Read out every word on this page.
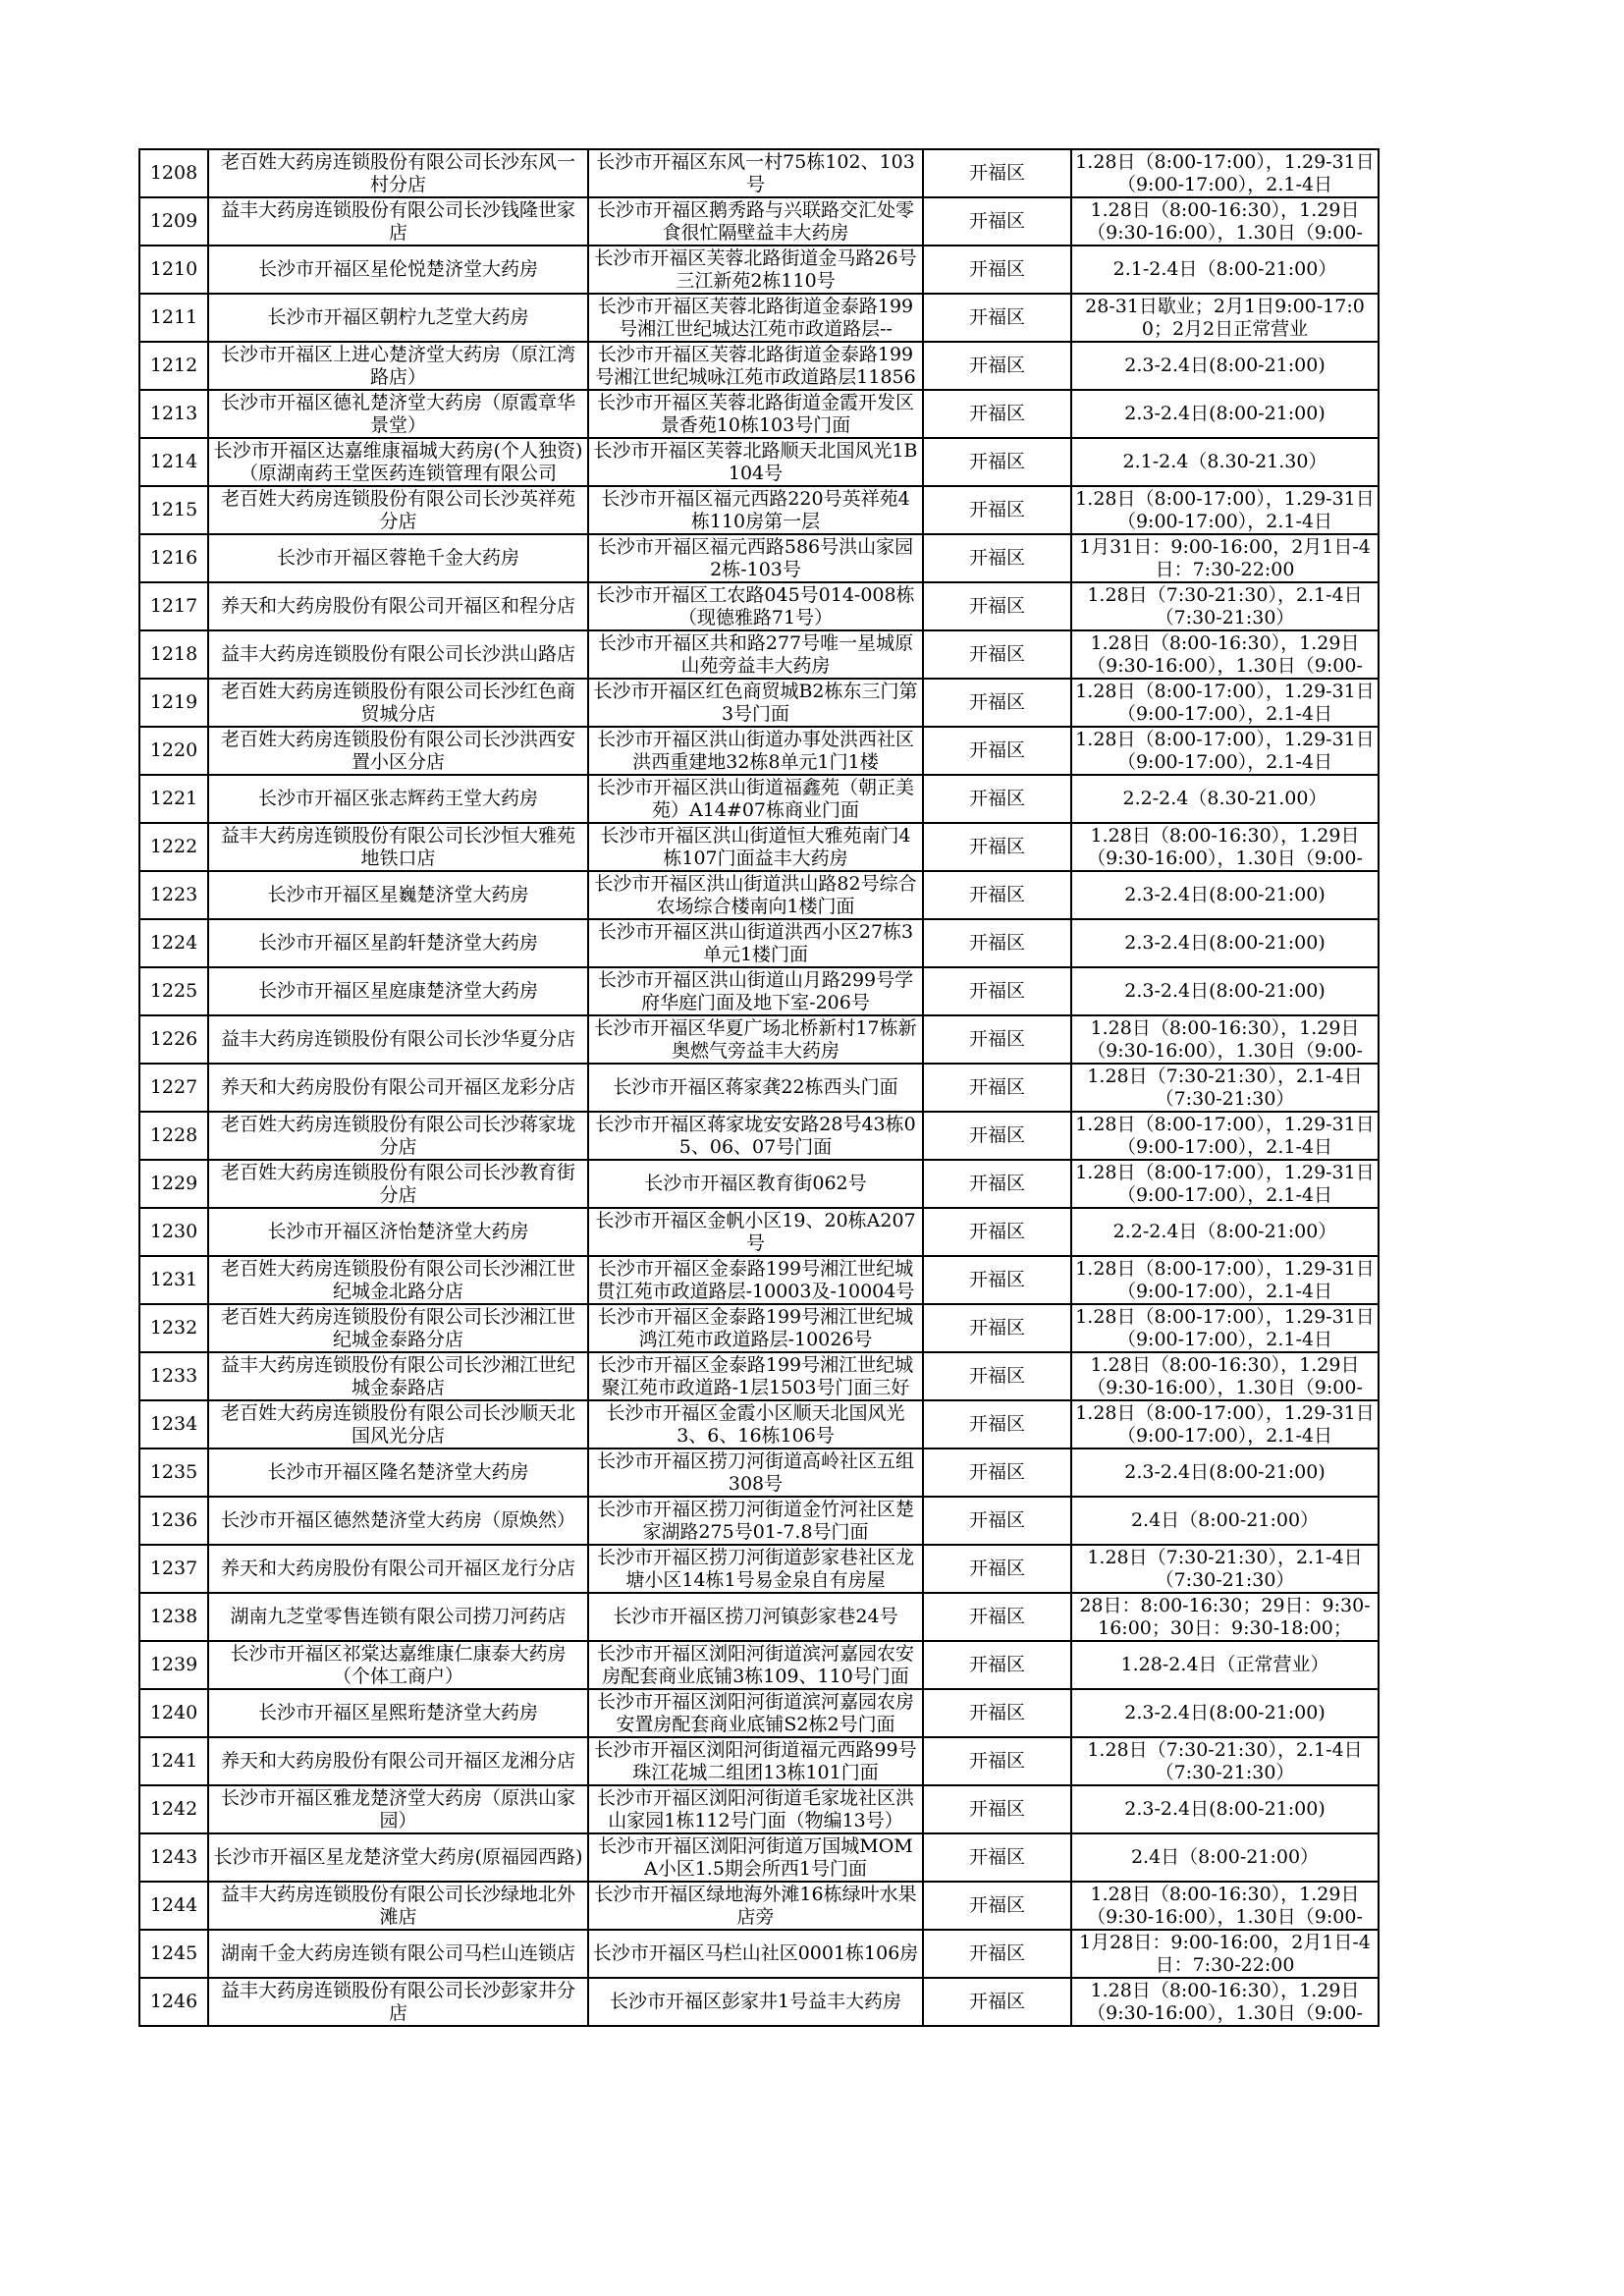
1208	老百姓大药房连锁股份有限公司长沙东风一村分店	长沙市开福区东风一村75栋102、103号	开福区	1.28日（8:00-17:00），1.29-31日（9:00-17:00），2.1-4日

1209	益丰大药房连锁股份有限公司长沙钱隆世家店	长沙市开福区鹅秀路与兴联路交汇处零食很忙隔壁益丰大药房	开福区	1.28日（8:00-16:30），1.29日（9:30-16:00），1.30日（9:00-

1210	长沙市开福区星伦悦楚济堂大药房	长沙市开福区芙蓉北路街道金马路26号三江新苑2栋110号	开福区	2.1-2.4日（8:00-21:00）

1211	长沙市开福区朝柠九芝堂大药房	长沙市开福区芙蓉北路街道金泰路199号湘江世纪城达江苑市政道路层--	开福区	28-31日歇业；2月1日9:00-17:00；2月2日正常营业

1212	长沙市开福区上进心楚济堂大药房（原江湾路店）	长沙市开福区芙蓉北路街道金泰路199号湘江世纪城咏江苑市政道路层11856	开福区	2.3-2.4日(8:00-21:00)

1213	长沙市开福区德礼楚济堂大药房（原霞章华景堂）	长沙市开福区芙蓉北路街道金霞开发区景香苑10栋103号门面	开福区	2.3-2.4日(8:00-21:00)

1214	长沙市开福区达嘉维康福城大药房(个人独资)（原湖南药王堂医药连锁管理有限公司	长沙市开福区芙蓉北路顺天北国风光1B104号	开福区	2.1-2.4（8.30-21.30）

1215	老百姓大药房连锁股份有限公司长沙英祥苑分店	长沙市开福区福元西路220号英祥苑4栋110房第一层	开福区	1.28日（8:00-17:00），1.29-31日（9:00-17:00），2.1-4日

1216	长沙市开福区蓉艳千金大药房	长沙市开福区福元西路586号洪山家园2栋-103号	开福区	1月31日：9:00-16:00，2月1日-4日：7:30-22:00

1217	养天和大药房股份有限公司开福区和程分店	长沙市开福区工农路045号014-008栋（现德雅路71号）	开福区	1.28日（7:30-21:30），2.1-4日（7:30-21:30）

1218	益丰大药房连锁股份有限公司长沙洪山路店	长沙市开福区共和路277号唯一星城原山苑旁益丰大药房	开福区	1.28日（8:00-16:30），1.29日（9:30-16:00），1.30日（9:00-

1219	老百姓大药房连锁股份有限公司长沙红色商贸城分店	长沙市开福区红色商贸城B2栋东三门第3号门面	开福区	1.28日（8:00-17:00），1.29-31日（9:00-17:00），2.1-4日

1220	老百姓大药房连锁股份有限公司长沙洪西安置小区分店	长沙市开福区洪山街道办事处洪西社区洪西重建地32栋8单元1门1楼	开福区	1.28日（8:00-17:00），1.29-31日（9:00-17:00），2.1-4日

1221	长沙市开福区张志辉药王堂大药房	长沙市开福区洪山街道福鑫苑（朝正美苑）A14#07栋商业门面	开福区	2.2-2.4（8.30-21.00）

1222	益丰大药房连锁股份有限公司长沙恒大雅苑地铁口店	长沙市开福区洪山街道恒大雅苑南门4栋107门面益丰大药房	开福区	1.28日（8:00-16:30），1.29日（9:30-16:00），1.30日（9:00-

1223	长沙市开福区星巍楚济堂大药房	长沙市开福区洪山街道洪山路82号综合农场综合楼南向1楼门面	开福区	2.3-2.4日(8:00-21:00)

1224	长沙市开福区星韵轩楚济堂大药房	长沙市开福区洪山街道洪西小区27栋3单元1楼门面	开福区	2.3-2.4日(8:00-21:00)

1225	长沙市开福区星庭康楚济堂大药房	长沙市开福区洪山街道山月路299号学府华庭门面及地下室-206号	开福区	2.3-2.4日(8:00-21:00)

1226	益丰大药房连锁股份有限公司长沙华夏分店	长沙市开福区华夏广场北桥新村17栋新奥燃气旁益丰大药房	开福区	1.28日（8:00-16:30），1.29日（9:30-16:00），1.30日（9:00-

1227	养天和大药房股份有限公司开福区龙彩分店	长沙市开福区蒋家龚22栋西头门面	开福区	1.28日（7:30-21:30），2.1-4日（7:30-21:30）

1228	老百姓大药房连锁股份有限公司长沙蒋家垅分店	长沙市开福区蒋家垅安安路28号43栋05、06、07号门面	开福区	1.28日（8:00-17:00），1.29-31日（9:00-17:00），2.1-4日

1229	老百姓大药房连锁股份有限公司长沙教育街分店	长沙市开福区教育街062号	开福区	1.28日（8:00-17:00），1.29-31日（9:00-17:00），2.1-4日

1230	长沙市开福区济怡楚济堂大药房	长沙市开福区金帆小区19、20栋A207号	开福区	2.2-2.4日（8:00-21:00）

1231	老百姓大药房连锁股份有限公司长沙湘江世纪城金北路分店	长沙市开福区金泰路199号湘江世纪城贯江苑市政道路层-10003及-10004号	开福区	1.28日（8:00-17:00），1.29-31日（9:00-17:00），2.1-4日

1232	老百姓大药房连锁股份有限公司长沙湘江世纪城金泰路分店	长沙市开福区金泰路199号湘江世纪城鸿江苑市政道路层-10026号	开福区	1.28日（8:00-17:00），1.29-31日（9:00-17:00），2.1-4日

1233	益丰大药房连锁股份有限公司长沙湘江世纪城金泰路店	长沙市开福区金泰路199号湘江世纪城聚江苑市政道路-1层1503号门面三好	开福区	1.28日（8:00-16:30），1.29日（9:30-16:00），1.30日（9:00-

1234	老百姓大药房连锁股份有限公司长沙顺天北国风光分店	长沙市开福区金霞小区顺天北国风光3、6、16栋106号	开福区	1.28日（8:00-17:00），1.29-31日（9:00-17:00），2.1-4日

1235	长沙市开福区隆名楚济堂大药房	长沙市开福区捞刀河街道高岭社区五组308号	开福区	2.3-2.4日(8:00-21:00)

1236	长沙市开福区德然楚济堂大药房（原焕然）	长沙市开福区捞刀河街道金竹河社区楚家湖路275号01-7.8号门面	开福区	2.4日（8:00-21:00）

1237	养天和大药房股份有限公司开福区龙行分店	长沙市开福区捞刀河街道彭家巷社区龙塘小区14栋1号易金泉自有房屋	开福区	1.28日（7:30-21:30），2.1-4日（7:30-21:30）

1238	湖南九芝堂零售连锁有限公司捞刀河药店	长沙市开福区捞刀河镇彭家巷24号	开福区	28日：8:00-16:30；29日：9:30-16:00；30日：9:30-18:00；

1239	长沙市开福区祁棠达嘉维康仁康泰大药房（个体工商户）	长沙市开福区浏阳河街道滨河嘉园农安房配套商业底铺3栋109、110号门面	开福区	1.28-2.4日（正常营业）

1240	长沙市开福区星熙珩楚济堂大药房	长沙市开福区浏阳河街道滨河嘉园农房安置房配套商业底铺S2栋2号门面	开福区	2.3-2.4日(8:00-21:00)

1241	养天和大药房股份有限公司开福区龙湘分店	长沙市开福区浏阳河街道福元西路99号珠江花城二组团13栋101门面	开福区	1.28日（7:30-21:30），2.1-4日（7:30-21:30）

1242	长沙市开福区雅龙楚济堂大药房（原洪山家园）	长沙市开福区浏阳河街道毛家垅社区洪山家园1栋112号门面（物编13号）	开福区	2.3-2.4日(8:00-21:00)

1243	长沙市开福区星龙楚济堂大药房(原福园西路)	长沙市开福区浏阳河街道万国城MOMA小区1.5期会所西1号门面	开福区	2.4日（8:00-21:00）

1244	益丰大药房连锁股份有限公司长沙绿地北外滩店	长沙市开福区绿地海外滩16栋绿叶水果店旁	开福区	1.28日（8:00-16:30），1.29日（9:30-16:00），1.30日（9:00-

1245	湖南千金大药房连锁有限公司马栏山连锁店	长沙市开福区马栏山社区0001栋106房	开福区	1月28日：9:00-16:00，2月1日-4日：7:30-22:00

1246	益丰大药房连锁股份有限公司长沙彭家井分店	长沙市开福区彭家井1号益丰大药房	开福区	1.28日（8:00-16:30），1.29日（9:30-16:00），1.30日（9:00-
